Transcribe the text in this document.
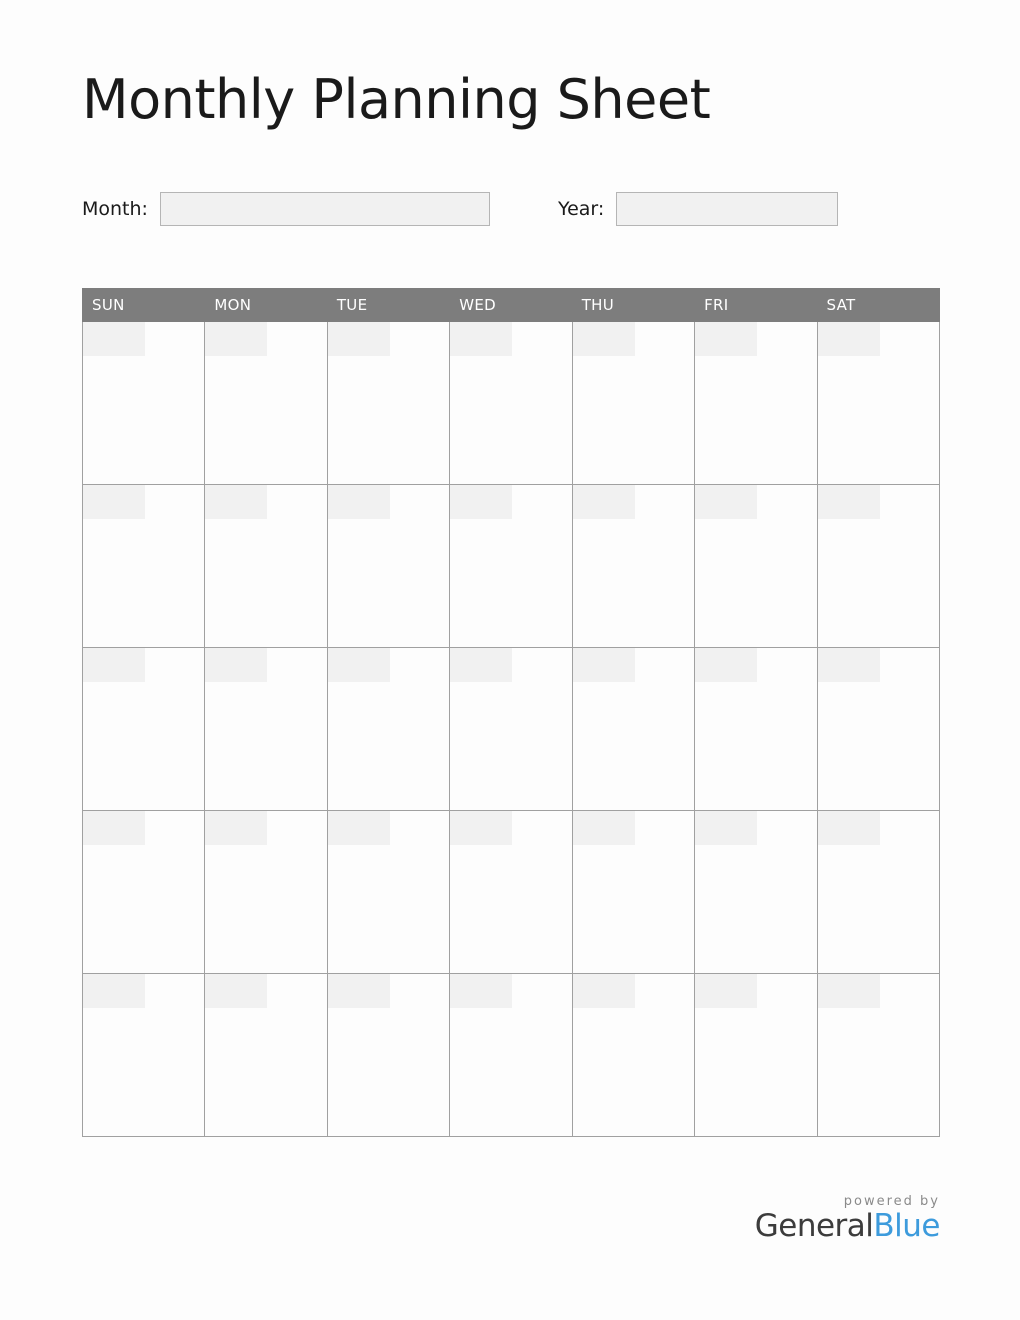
Monthly Planning Sheet
Month:	Year:
SUN	MON	TUE	WED	THU	FRI	SAT

powered by
GeneralBlue
